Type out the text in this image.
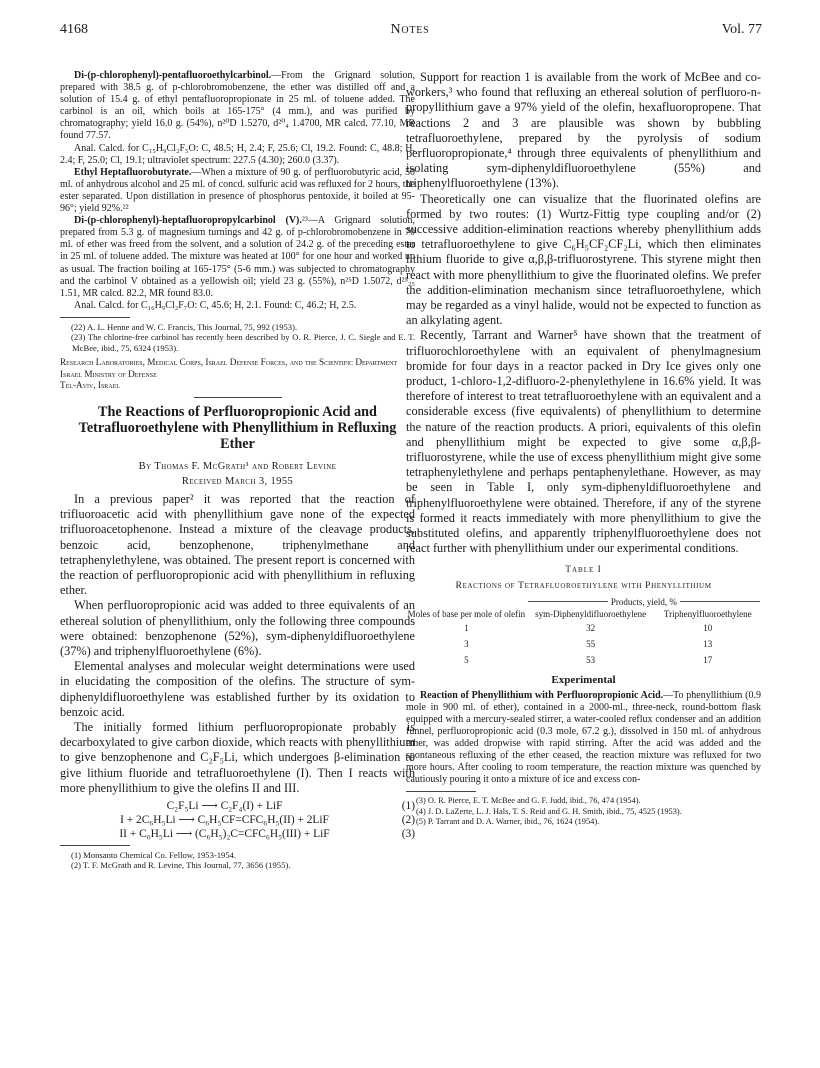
4168	Notes	Vol. 77

Di-(p-chlorophenyl)-pentafluoroethylcarbinol.—From the Grignard solution, prepared with 38.5 g. of p-chlorobromobenzene, the ether was distilled off and a solution of 15.4 g. of ethyl pentafluoropropionate in 25 ml. of toluene added. The carbinol is an oil, which boils at 165-175° (4 mm.), and was purified by chromatography; yield 16.0 g. (54%), n²⁰D 1.5270, d²⁰₄ 1.4700, MR calcd. 77.10, MR found 77.57.

Anal. Calcd. for C₁₅H₉Cl₂F₅O: C, 48.5; H, 2.4; F, 25.6; Cl, 19.2. Found: C, 48.8; H, 2.4; F, 25.0; Cl, 19.1; ultraviolet spectrum: 227.5 (4.30); 260.0 (3.37).

Ethyl Heptafluorobutyrate.—When a mixture of 90 g. of perfluorobutyric acid, 50 ml. of anhydrous alcohol and 25 ml. of concd. sulfuric acid was refluxed for 2 hours, the ester separated. Upon distillation in presence of phosphorus pentoxide, it boiled at 95-96°; yield 92%.²²

Di-(p-chlorophenyl)-heptafluoropropylcarbinol (V).²³—A Grignard solution, prepared from 5.3 g. of magnesium turnings and 42 g. of p-chlorobromobenzene in 70 ml. of ether was freed from the solvent, and a solution of 24.2 g. of the preceding ester in 25 ml. of toluene added. The mixture was heated at 100° for one hour and worked up as usual. The fraction boiling at 165-175° (5-6 mm.) was subjected to chromatography and the carbinol V obtained as a yellowish oil; yield 23 g. (55%), n²⁵D 1.5072, d²⁵₂₅ 1.51, MR calcd. 82.2, MR found 83.0.

Anal. Calcd. for C₁₆H₉Cl₂F₇O: C, 45.6; H, 2.1. Found: C, 46.2; H, 2.5.

(22) A. L. Henne and W. C. Francis, This Journal, 75, 992 (1953).

(23) The chlorine-free carbinol has recently been described by O. R. Pierce, J. C. Siegle and E. T. McBee, ibid., 75, 6324 (1953).

Research Laboratories, Medical Corps, Israel Defense Forces, and the Scientific Department

Israel Ministry of Defense

Tel-Aviv, Israel

The Reactions of Perfluoropropionic Acid and Tetrafluoroethylene with Phenyllithium in Refluxing Ether

By Thomas F. McGrath¹ and Robert Levine

Received March 3, 1955

In a previous paper² it was reported that the reaction of trifluoroacetic acid with phenyllithium gave none of the expected trifluoroacetophenone. Instead a mixture of the cleavage products, benzoic acid, benzophenone, triphenylmethane and tetraphenylethylene, was obtained. The present report is concerned with the reaction of perfluoropropionic acid with phenyllithium in refluxing ether.

When perfluoropropionic acid was added to three equivalents of an ethereal solution of phenyllithium, only the following three compounds were obtained: benzophenone (52%), sym-diphenyldifluoroethylene (37%) and triphenylfluoroethylene (6%).

Elemental analyses and molecular weight determinations were used in elucidating the composition of the olefins. The structure of sym-diphenyldifluoroethylene was established further by its oxidation to benzoic acid.

The initially formed lithium perfluoropropionate probably is decarboxylated to give carbon dioxide, which reacts with phenyllithium to give benzophenone and C₂F₅Li, which undergoes β-elimination to give lithium fluoride and tetrafluoroethylene (I). Then I reacts with more phenyllithium to give the olefins II and III.

C₂F₅Li ⟶ C₂F₄(I) + LiF	(1)
I + 2C₆H₅Li ⟶ C₆H₅CF=CFC₆H₅(II) + 2LiF	(2)
II + C₆H₅Li ⟶ (C₆H₅)₂C=CFC₆H₅(III) + LiF	(3)

(1) Monsanto Chemical Co. Fellow, 1953-1954.

(2) T. F. McGrath and R. Levine, This Journal, 77, 3656 (1955).

Support for reaction 1 is available from the work of McBee and co-workers,³ who found that refluxing an ethereal solution of perfluoro-n-propyllithium gave a 97% yield of the olefin, hexafluoropropene. That reactions 2 and 3 are plausible was shown by bubbling tetrafluoroethylene, prepared by the pyrolysis of sodium perfluoropropionate,⁴ through three equivalents of phenyllithium and isolating sym-diphenyldifluoroethylene (55%) and triphenylfluoroethylene (13%).

Theoretically one can visualize that the fluorinated olefins are formed by two routes: (1) Wurtz-Fittig type coupling and/or (2) successive addition-elimination reactions whereby phenyllithium adds to tetrafluoroethylene to give C₆H₅CF₂CF₂Li, which then eliminates lithium fluoride to give α,β,β-trifluorostyrene. This styrene might then react with more phenyllithium to give the fluorinated olefins. We prefer the addition-elimination mechanism since tetrafluoroethylene, which may be regarded as a vinyl halide, would not be expected to function as an alkylating agent.

Recently, Tarrant and Warner⁵ have shown that the treatment of trifluorochloroethylene with an equivalent of phenylmagnesium bromide for four days in a reactor packed in Dry Ice gives only one product, 1-chloro-1,2-difluoro-2-phenylethylene in 16.6% yield. It was therefore of interest to treat tetrafluoroethylene with an equivalent and a considerable excess (five equivalents) of phenyllithium to determine the nature of the reaction products. A priori, equivalents of this olefin and phenyllithium might be expected to give some α,β,β-trifluorostyrene, while the use of excess phenyllithium might give some tetraphenylethylene and perhaps pentaphenylethane. However, as may be seen in Table I, only sym-diphenyldifluoroethylene and triphenylfluoroethylene were obtained. Therefore, if any of the styrene is formed it reacts immediately with more phenyllithium to give the substituted olefins, and apparently triphenylfluoroethylene does not react further with phenyllithium under our experimental conditions.

Table I
Reactions of Tetrafluoroethylene with Phenyllithium
Moles of base per mole of olefin	Products, yield, %	

	sym-Diphenyldifluoroethylene	Triphenylfluoroethylene
1	32	10
3	55	13
5	53	17
Experimental

Reaction of Phenyllithium with Perfluoropropionic Acid.—To phenyllithium (0.9 mole in 900 ml. of ether), contained in a 2000-ml., three-neck, round-bottom flask equipped with a mercury-sealed stirrer, a water-cooled reflux condenser and an addition funnel, perfluoropropionic acid (0.3 mole, 67.2 g.), dissolved in 150 ml. of anhydrous ether, was added dropwise with rapid stirring. After the acid was added and the spontaneous refluxing of the ether ceased, the reaction mixture was refluxed for two more hours. After cooling to room temperature, the reaction mixture was quenched by cautiously pouring it onto a mixture of ice and excess con-

(3) O. R. Pierce, E. T. McBee and G. F. Judd, ibid., 76, 474 (1954).

(4) J. D. LaZerte, L. J. Hals, T. S. Reid and G. H. Smith, ibid., 75, 4525 (1953).

(5) P. Tarrant and D. A. Warner, ibid., 76, 1624 (1954).
